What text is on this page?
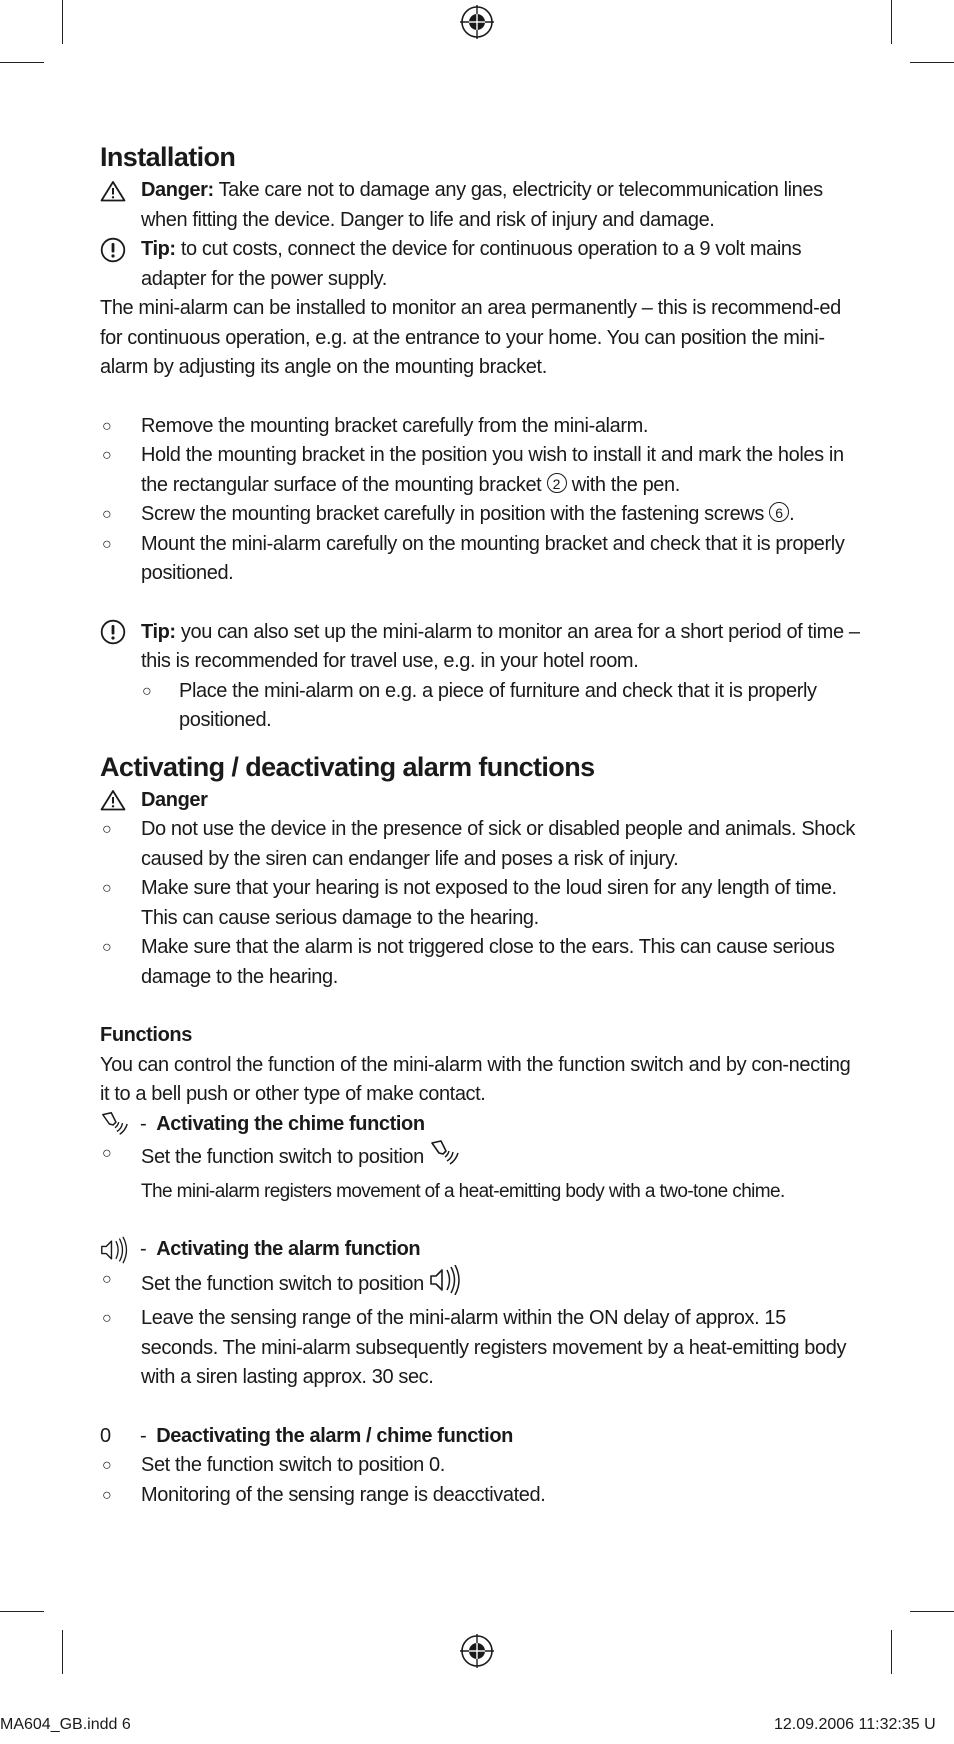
Installation
Danger: Take care not to damage any gas, electricity or telecommunication lines when fitting the device. Danger to life and risk of injury and damage.
Tip: to cut costs, connect the device for continuous operation to a 9 volt mains adapter for the power supply.

The mini-alarm can be installed to monitor an area permanently – this is recommend-ed for continuous operation, e.g. at the entrance to your home. You can position the mini-alarm by adjusting its angle on the mounting bracket.

○	Remove the mounting bracket carefully from the mini-alarm.
○	Hold the mounting bracket in the position you wish to install it and mark the holes in the rectangular surface of the mounting bracket 2 with the pen.
○	Screw the mounting bracket carefully in position with the fastening screws 6 .
○	Mount the mini-alarm carefully on the mounting bracket and check that it is properly positioned.
Tip: you can also set up the mini-alarm to monitor an area for a short period of time – this is recommended for travel use, e.g. in your hotel room.
○	Place the mini-alarm on e.g. a piece of furniture and check that it is properly positioned.
Activating / deactivating alarm functions
Danger
○	Do not use the device in the presence of sick or disabled people and animals. Shock caused by the siren can endanger life and poses a risk of injury.
○	Make sure that your hearing is not exposed to the loud siren for any length of time. This can cause serious damage to the hearing.
○	Make sure that the alarm is not triggered close to the ears. This can cause serious damage to the hearing.
Functions

You can control the function of the mini-alarm with the function switch and by con-necting it to a bell push or other type of make contact.

- Activating the chime function
○	Set the function switch to position
The mini-alarm registers movement of a heat-emitting body with a two-tone chime.
- Activating the alarm function
○	Set the function switch to position
○	Leave the sensing range of the mini-alarm within the ON delay of approx. 15 seconds. The mini-alarm subsequently registers movement by a heat-emitting body with a siren lasting approx. 30 sec.
0	- Deactivating the alarm / chime function
○	Set the function switch to position 0.
○	Monitoring of the sensing range is deacctivated.
MA604_GB.indd 6	12.09.2006 11:32:35 U
